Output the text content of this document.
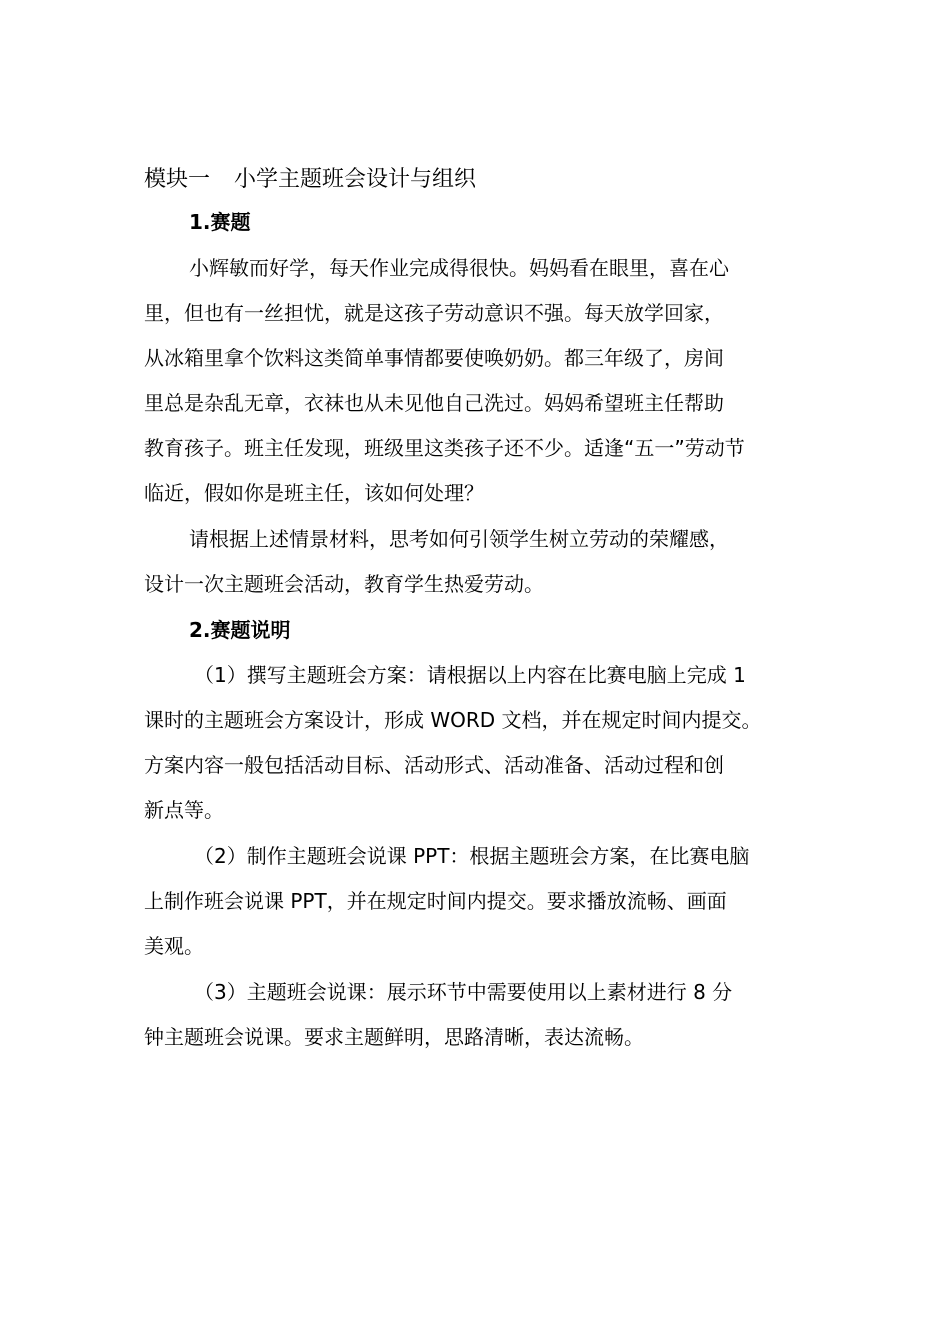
模块一 小学主题班会设计与组织
1.赛题
小辉敏而好学，每天作业完成得很快。妈妈看在眼里，喜在心
里，但也有一丝担忧，就是这孩子劳动意识不强。每天放学回家，
从冰箱里拿个饮料这类简单事情都要使唤奶奶。都三年级了，房间
里总是杂乱无章，衣袜也从未见他自己洗过。妈妈希望班主任帮助
教育孩子。班主任发现，班级里这类孩子还不少。适逢“五一”劳动节
临近，假如你是班主任，该如何处理？
请根据上述情景材料，思考如何引领学生树立劳动的荣耀感，
设计一次主题班会活动，教育学生热爱劳动。
2.赛题说明
（1）撰写主题班会方案：请根据以上内容在比赛电脑上完成 1
课时的主题班会方案设计，形成 WORD 文档，并在规定时间内提交。
方案内容一般包括活动目标、活动形式、活动准备、活动过程和创
新点等。
（2）制作主题班会说课 PPT：根据主题班会方案，在比赛电脑
上制作班会说课 PPT，并在规定时间内提交。要求播放流畅、画面
美观。
（3）主题班会说课：展示环节中需要使用以上素材进行 8 分
钟主题班会说课。要求主题鲜明，思路清晰，表达流畅。
